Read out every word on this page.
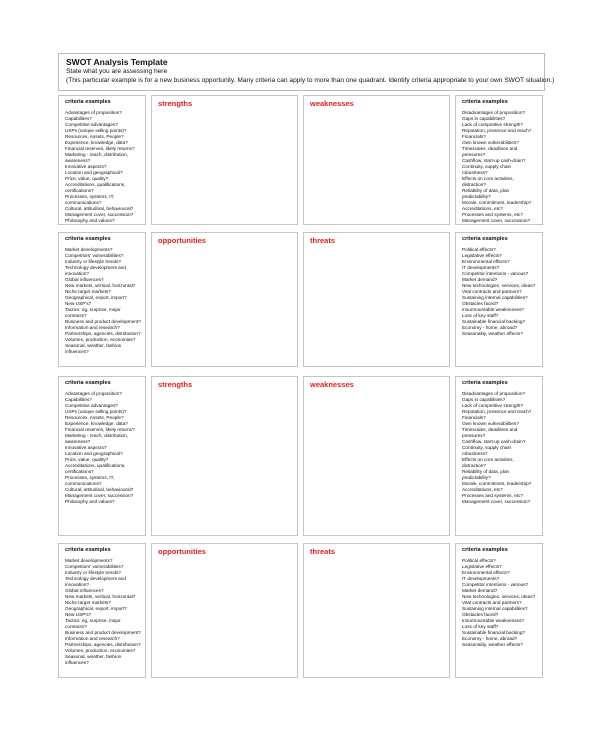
SWOT Analysis Template
State what you are assessing here
(This particular example is for a new business opportunity. Many criteria can apply to more than one quadrant. Identify criteria appropriate to your own SWOT situation.)
criteria examples
Advantages of proposition?
Capabilities?
Competitive advantages?
USPs (unique selling points)?
Resources, Assets, People?
Experience, knowledge, data?
Financial reserves, likely returns?
Marketing - reach, distribution,
awareness?
Innovative aspects?
Location and geographical?
Price, value, quality?
Accreditations, qualifications,
certifications?
Processes, systems, IT,
communications?
Cultural, attitudinal, behavioural?
Management cover, succession?
Philosophy and values?
strengths	weaknesses	criteria examples
Disadvantages of proposition?
Gaps in capabilities?
Lack of competitive strength?
Reputation, presence and reach?
Financials?
Own known vulnerabilities?
Timescales, deadlines and
pressures?
Cashflow, start-up cash-drain?
Continuity, supply chain
robustness?
Effects on core activities,
distraction?
Reliability of data, plan
predictability?
Morale, commitment, leadership?
Accreditations, etc?
Processes and systems, etc?
Management cover, succession?
criteria examples
Market developments?
Competitors' vulnerabilities?
Industry or lifestyle trends?
Technology development and
innovation?
Global influences?
New markets, vertical, horizontal?
Niche target markets?
Geographical, export, import?
New USP's?
Tactics: eg, surprise, major
contracts?
Business and product development?
Information and research?
Partnerships, agencies, distribution?
Volumes, production, economies?
Seasonal, weather, fashion
influences?
opportunities	threats	criteria examples
Political effects?
Legislative effects?
Environmental effects?
IT developments?
Competitor intentions - various?
Market demand?
New technologies, services, ideas?
Vital contracts and partners?
Sustaining internal capabilities?
Obstacles faced?
Insurmountable weaknesses?
Loss of key staff?
Sustainable financial backing?
Economy - home, abroad?
Seasonality, weather effects?
criteria examples
Advantages of proposition?
Capabilities?
Competitive advantages?
USPs (unique selling points)?
Resources, Assets, People?
Experience, knowledge, data?
Financial reserves, likely returns?
Marketing - reach, distribution,
awareness?
Innovative aspects?
Location and geographical?
Price, value, quality?
Accreditations, qualifications,
certifications?
Processes, systems, IT,
communications?
Cultural, attitudinal, behavioural?
Management cover, succession?
Philosophy and values?
strengths	weaknesses	criteria examples
Disadvantages of proposition?
Gaps in capabilities?
Lack of competitive strength?
Reputation, presence and reach?
Financials?
Own known vulnerabilities?
Timescales, deadlines and
pressures?
Cashflow, start-up cash-drain?
Continuity, supply chain
robustness?
Effects on core activities,
distraction?
Reliability of data, plan
predictability?
Morale, commitment, leadership?
Accreditations, etc?
Processes and systems, etc?
Management cover, succession?
criteria examples
Market developments?
Competitors' vulnerabilities?
Industry or lifestyle trends?
Technology development and
innovation?
Global influences?
New markets, vertical, horizontal?
Niche target markets?
Geographical, export, import?
New USP's?
Tactics: eg, surprise, major
contracts?
Business and product development?
Information and research?
Partnerships, agencies, distribution?
Volumes, production, economies?
Seasonal, weather, fashion
influences?
opportunities	threats	criteria examples
Political effects?
Legislative effects?
Environmental effects?
IT developments?
Competitor intentions - various?
Market demand?
New technologies, services, ideas?
Vital contracts and partners?
Sustaining internal capabilities?
Obstacles faced?
Insurmountable weaknesses?
Loss of key staff?
Sustainable financial backing?
Economy - home, abroad?
Seasonality, weather effects?
